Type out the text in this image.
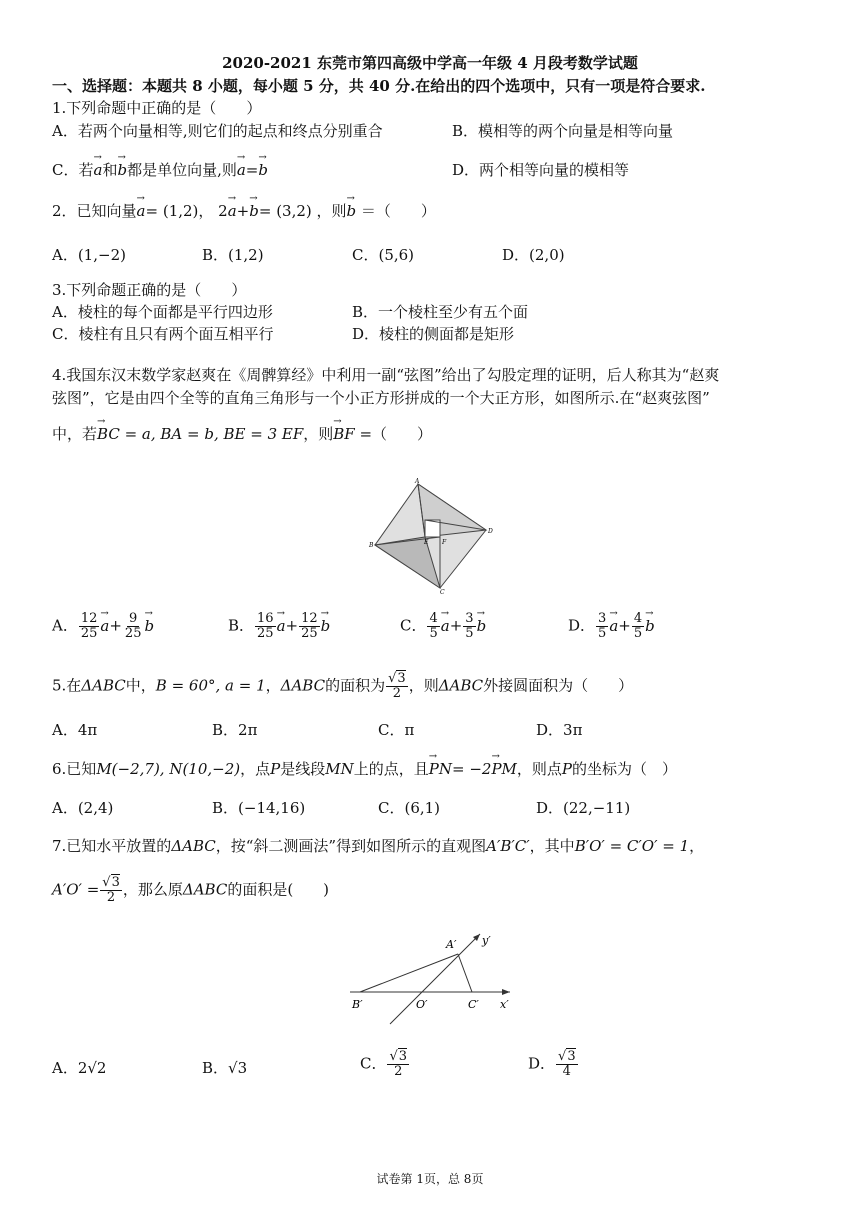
2020-2021 东莞市第四高级中学高一年级 4 月段考数学试题
一、选择题：本题共 8 小题，每小题 5 分，共 40 分.在给出的四个选项中，只有一项是符合要求.
1.下列命题中正确的是（　　）
A．若两个向量相等,则它们的起点和终点分别重合	B．模相等的两个向量是相等向量
C．若→ a和→ b都是单位向量,则→ a=→ b	D．两个相等向量的模相等
2．已知向量→ a= (1,2)， 2→ a+→ b= (3,2) ，则→ b ＝（　　）
A．(1,−2)	B．(1,2)	C．(5,6)	D．(2,0)
3.下列命题正确的是（　　）
A．棱柱的每个面都是平行四边形	B．一个棱柱至少有五个面
C．棱柱有且只有两个面互相平行	D．棱柱的侧面都是矩形
4.我国东汉末数学家赵爽在《周髀算经》中利用一副“弦图”给出了勾股定理的证明，后人称其为“赵爽
弦图”，它是由四个全等的直角三角形与一个小正方形拼成的一个大正方形，如图所示.在“赵爽弦图”
中，若→ BC = a, BA = b, BE = 3 EF，则→ BF =（　　）
A
B
C
D
E F
A． $\frac{12}{25}$
→ $a+ \frac{9}{25}$
→ b	B． $\frac{16}{25}$
→ $a+ \frac{12}{25}$
→ b	C． $\frac{4}{5}$
→ $a+ \frac{3}{5}$
→ b	D． $\frac{3}{5}$
→ $a+ \frac{4}{5}$
→ b
5.在ΔABC中，B = 60°, a = 1，ΔABC的面积为 $\frac{√3}{2}$ ，则ΔABC外接圆面积为（　　）
A．4π	B．2π	C．π	D．3π
6.已知M(−2,7), N(10,−2)，点P是线段MN上的点，且→ PN= −2→ PM，则点P的坐标为（　）
A．(2,4)	B．(−14,16)	C．(6,1)	D．(22,−11)
7.已知水平放置的ΔABC，按“斜二测画法”得到如图所示的直观图A′B′C′，其中B′O′ = C′O′ = 1，
$A'O' = \frac{√3}{2}$ ，那么原ΔABC的面积是(　　)
A′ y′
B′	O′	C′ x′
A．2√2	B．√3	C． $\frac{√3}{2}$	D． $\frac{√3}{4}$
试卷第 1页，总 8页
